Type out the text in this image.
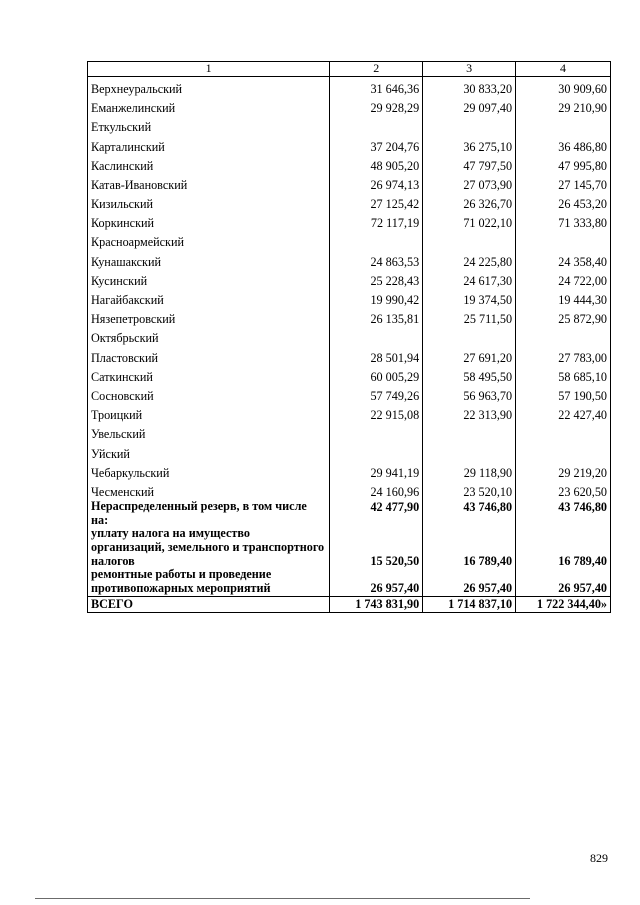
1	2	3	4
Верхнеуральский	31 646,36	30 833,20	30 909,60
Еманжелинский	29 928,29	29 097,40	29 210,90
Еткульский			
Карталинский	37 204,76	36 275,10	36 486,80
Каслинский	48 905,20	47 797,50	47 995,80
Катав-Ивановский	26 974,13	27 073,90	27 145,70
Кизильский	27 125,42	26 326,70	26 453,20
Коркинский	72 117,19	71 022,10	71 333,80
Красноармейский			
Кунашакский	24 863,53	24 225,80	24 358,40
Кусинский	25 228,43	24 617,30	24 722,00
Нагайбакский	19 990,42	19 374,50	19 444,30
Нязепетровский	26 135,81	25 711,50	25 872,90
Октябрьский			
Пластовский	28 501,94	27 691,20	27 783,00
Саткинский	60 005,29	58 495,50	58 685,10
Сосновский	57 749,26	56 963,70	57 190,50
Троицкий	22 915,08	22 313,90	22 427,40
Увельский			
Уйский			
Чебаркульский	29 941,19	29 118,90	29 219,20
Чесменский	24 160,96	23 520,10	23 620,50
Нераспределенный резерв, в том числе на:	42 477,90	43 746,80	43 746,80
уплату налога на имущество организаций, земельного и транспортного налогов	15 520,50	16 789,40	16 789,40
ремонтные работы и проведение противопожарных мероприятий	26 957,40	26 957,40	26 957,40
ВСЕГО	1 743 831,90	1 714 837,10	1 722 344,40»
829
